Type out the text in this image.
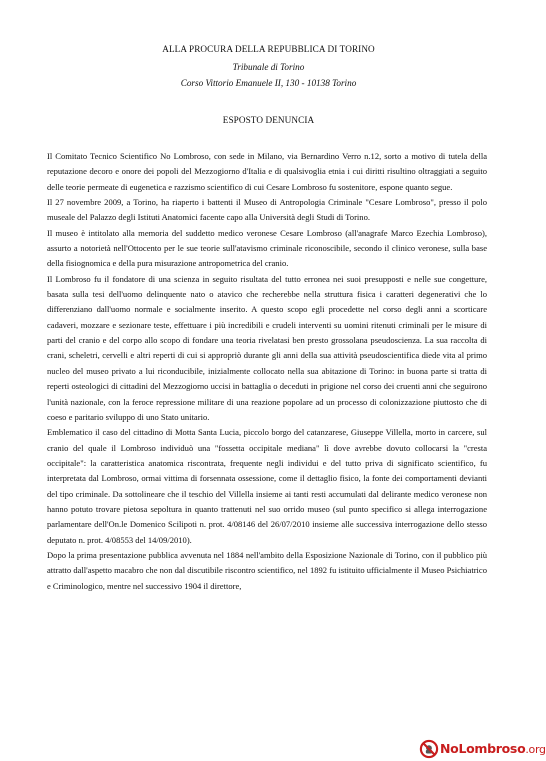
ALLA PROCURA DELLA REPUBBLICA DI TORINO
Tribunale di Torino
Corso Vittorio Emanuele II, 130 - 10138 Torino
ESPOSTO DENUNCIA

Il Comitato Tecnico Scientifico No Lombroso, con sede in Milano, via Bernardino Verro n.12, sorto a motivo di tutela della reputazione decoro e onore dei popoli del Mezzogiorno d'Italia e di qualsivoglia etnia i cui diritti risultino oltraggiati a seguito delle teorie permeate di eugenetica e razzismo scientifico di cui Cesare Lombroso fu sostenitore, espone quanto segue.

Il 27 novembre 2009, a Torino, ha riaperto i battenti il Museo di Antropologia Criminale "Cesare Lombroso", presso il polo museale del Palazzo degli Istituti Anatomici facente capo alla Università degli Studi di Torino.

Il museo è intitolato alla memoria del suddetto medico veronese Cesare Lombroso (all'anagrafe Marco Ezechia Lombroso), assurto a notorietà nell'Ottocento per le sue teorie sull'atavismo criminale riconoscibile, secondo il clinico veronese, sulla base della fisiognomica e della pura misurazione antropometrica del cranio.

Il Lombroso fu il fondatore di una scienza in seguito risultata del tutto erronea nei suoi presupposti e nelle sue congetture, basata sulla tesi dell'uomo delinquente nato o atavico che recherebbe nella struttura fisica i caratteri degenerativi che lo differenziano dall'uomo normale e socialmente inserito. A questo scopo egli procedette nel corso degli anni a scorticare cadaveri, mozzare e sezionare teste, effettuare i più incredibili e crudeli interventi su uomini ritenuti criminali per le misure di parti del cranio e del corpo allo scopo di fondare una teoria rivelatasi ben presto grossolana pseudoscienza. La sua raccolta di crani, scheletri, cervelli e altri reperti di cui si appropriò durante gli anni della sua attività pseudoscientifica diede vita al primo nucleo del museo privato a lui riconducibile, inizialmente collocato nella sua abitazione di Torino: in buona parte si tratta di reperti osteologici di cittadini del Mezzogiorno uccisi in battaglia o deceduti in prigione nel corso dei cruenti anni che seguirono l'unità nazionale, con la feroce repressione militare di una reazione popolare ad un processo di colonizzazione piuttosto che di coeso e paritario sviluppo di uno Stato unitario.

Emblematico il caso del cittadino di Motta Santa Lucia, piccolo borgo del catanzarese, Giuseppe Villella, morto in carcere, sul cranio del quale il Lombroso individuò una "fossetta occipitale mediana" lì dove avrebbe dovuto collocarsi la "cresta occipitale": la caratteristica anatomica riscontrata, frequente negli individui e del tutto priva di significato scientifico, fu interpretata dal Lombroso, ormai vittima di forsennata ossessione, come il dettaglio fisico, la fonte dei comportamenti devianti del tipo criminale. Da sottolineare che il teschio del Villella insieme ai tanti resti accumulati dal delirante medico veronese non hanno potuto trovare pietosa sepoltura in quanto trattenuti nel suo orrido museo (sul punto specifico si allega interrogazione parlamentare dell'On.le Domenico Scilipoti n. prot. 4/08146 del 26/07/2010 insieme alle successiva interrogazione dello stesso deputato n. prot. 4/08553 del 14/09/2010).

Dopo la prima presentazione pubblica avvenuta nel 1884 nell'ambito della Esposizione Nazionale di Torino, con il pubblico più attratto dall'aspetto macabro che non dal discutibile riscontro scientifico, nel 1892 fu istituito ufficialmente il Museo Psichiatrico e Criminologico, mentre nel successivo 1904 il direttore,

NoLombroso.org
